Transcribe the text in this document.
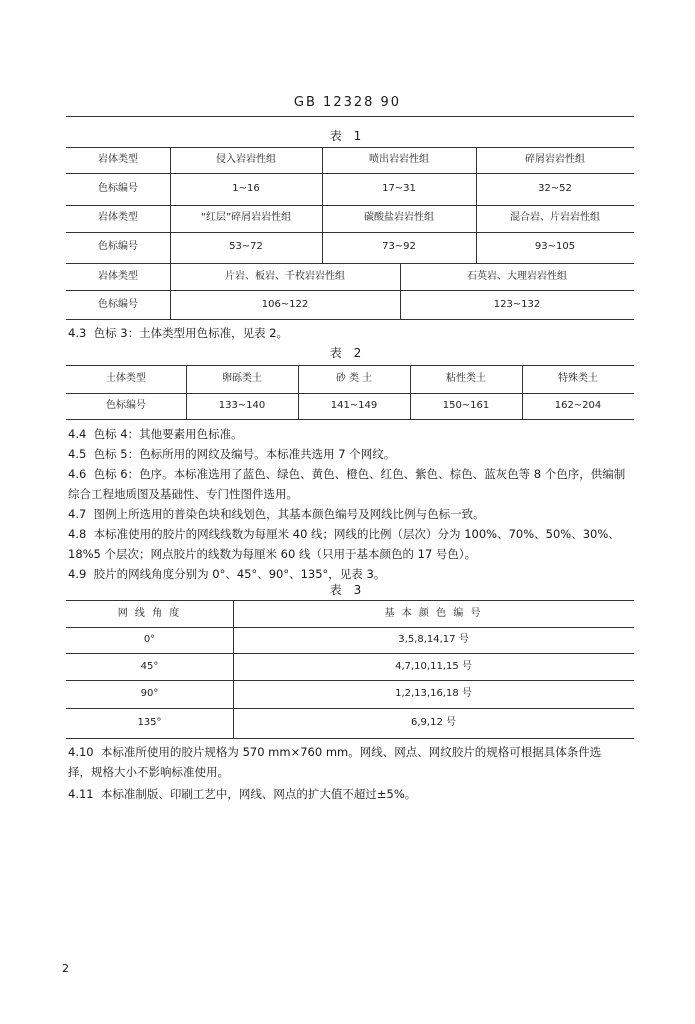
GB 12328 90
表 1
岩体类型	侵入岩岩性组	喷出岩岩性组	碎屑岩岩性组
色标编号	1~16	17~31	32~52
岩体类型	“红层”碎屑岩岩性组	碳酸盐岩岩性组	混合岩、片岩岩性组
色标编号	53~72	73~92	93~105
岩体类型	片岩、板岩、千枚岩岩性组	石英岩、大理岩岩性组
色标编号	106~122	123~132
4.3 色标 3：土体类型用色标准，见表 2。
表 2
土体类型	卵砾类土	砂 类 土	粘性类土	特殊类土
色标编号	133~140	141~149	150~161	162~204
4.4 色标 4：其他要素用色标准。
4.5 色标 5：色标所用的网纹及编号。本标准共选用 7 个网纹。
4.6 色标 6：色序。本标准选用了蓝色、绿色、黄色、橙色、红色、紫色、棕色、蓝灰色等 8 个色序，供编制
综合工程地质图及基础性、专门性图件选用。
4.7 图例上所选用的普染色块和线划色，其基本颜色编号及网线比例与色标一致。
4.8 本标准使用的胶片的网线线数为每厘米 40 线；网线的比例（层次）分为 100%、70%、50%、30%、
18%5 个层次；网点胶片的线数为每厘米 60 线（只用于基本颜色的 17 号色）。
4.9 胶片的网线角度分别为 0°、45°、90°、135°，见表 3。
表 3
网 线 角 度	基 本 颜 色 编 号
0°	3,5,8,14,17 号
45°	4,7,10,11,15 号
90°	1,2,13,16,18 号
135°	6,9,12 号
4.10 本标准所使用的胶片规格为 570 mm×760 mm。网线、网点、网纹胶片的规格可根据具体条件选
择，规格大小不影响标准使用。
4.11 本标准制版、印刷工艺中，网线、网点的扩大值不超过±5%。
2
